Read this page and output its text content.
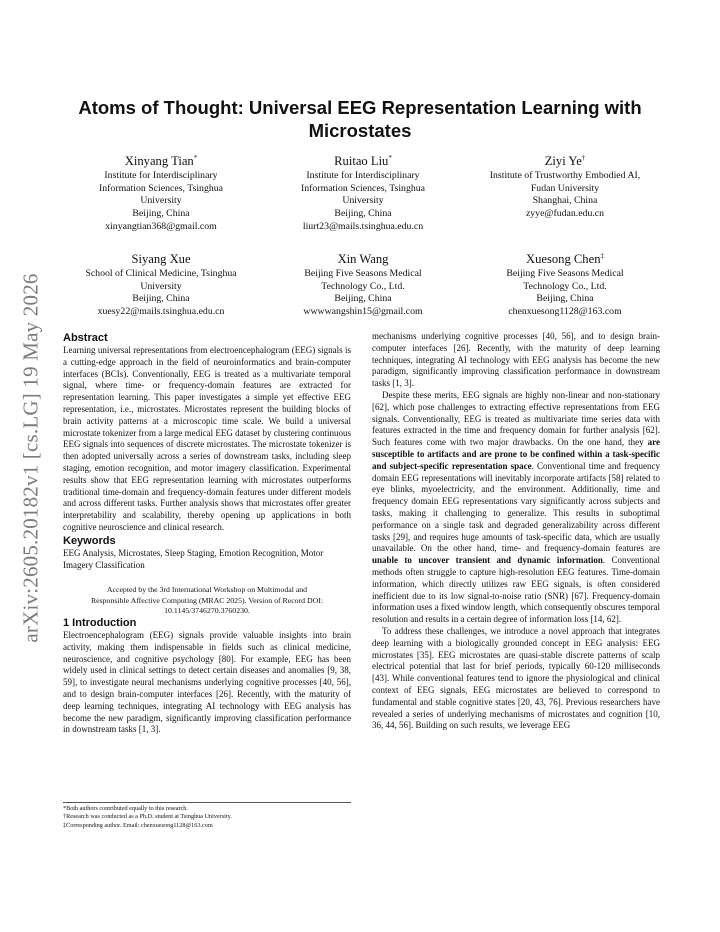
arXiv:2605.20182v1 [cs.LG] 19 May 2026
Atoms of Thought: Universal EEG Representation Learning with Microstates
Xinyang Tian*
Institute for Interdisciplinary
Information Sciences, Tsinghua
University
Beijing, China
xinyangtian368@gmail.com
Ruitao Liu*
Institute for Interdisciplinary
Information Sciences, Tsinghua
University
Beijing, China
liurt23@mails.tsinghua.edu.cn
Ziyi Ye†
Institute of Trustworthy Embodied AI,
Fudan University
Shanghai, China
zyye@fudan.edu.cn
Siyang Xue
School of Clinical Medicine, Tsinghua
University
Beijing, China
xuesy22@mails.tsinghua.edu.cn
Xin Wang
Beijing Five Seasons Medical
Technology Co., Ltd.
Beijing, China
wwwwangshin15@gmail.com
Xuesong Chen‡
Beijing Five Seasons Medical
Technology Co., Ltd.
Beijing, China
chenxuesong1128@163.com
Abstract

Learning universal representations from electroencephalogram (EEG) signals is a cutting-edge approach in the field of neuroinformatics and brain-computer interfaces (BCIs). Conventionally, EEG is treated as a multivariate temporal signal, where time- or frequency-domain features are extracted for representation learning. This paper investigates a simple yet effective EEG representation, i.e., microstates. Microstates represent the building blocks of brain activity patterns at a microscopic time scale. We build a universal microstate tokenizer from a large medical EEG dataset by clustering continuous EEG signals into sequences of discrete microstates. The microstate tokenizer is then adopted universally across a series of downstream tasks, including sleep staging, emotion recognition, and motor imagery classification. Experimental results show that EEG representation learning with microstates outperforms traditional time-domain and frequency-domain features under different models and across different tasks. Further analysis shows that microstates offer greater interpretability and scalability, thereby opening up applications in both cognitive neuroscience and clinical research.

Keywords

EEG Analysis, Microstates, Sleep Staging, Emotion Recognition, Motor Imagery Classification

Accepted by the 3rd International Workshop on Multimodal and
Responsible Affective Computing (MRAC 2025). Version of Record DOI:
10.1145/3746270.3760230.
1 Introduction

Electroencephalogram (EEG) signals provide valuable insights into brain activity, making them indispensable in fields such as clinical medicine, neuroscience, and cognitive psychology [80]. For example, EEG has been widely used in clinical settings to detect certain diseases and anomalies [9, 38, 59], to investigate neural mechanisms underlying cognitive processes [40, 56], and to design brain-computer interfaces [26]. Recently, with the maturity of deep learning techniques, integrating AI technology with EEG analysis has become the new paradigm, significantly improving classification performance in downstream tasks [1, 3].

*Both authors contributed equally to this research.

†Research was conducted as a Ph.D. student at Tsinghua University.

‡Corresponding author. Email: chenxuesong1128@163.com

mechanisms underlying cognitive processes [40, 56], and to design brain-computer interfaces [26]. Recently, with the maturity of deep learning techniques, integrating AI technology with EEG analysis has become the new paradigm, significantly improving classification performance in downstream tasks [1, 3].

Despite these merits, EEG signals are highly non-linear and non-stationary [62], which pose challenges to extracting effective representations from EEG signals. Conventionally, EEG is treated as multivariate time series data with features extracted in the time and frequency domain for further analysis [62]. Such features come with two major drawbacks. On the one hand, they are susceptible to artifacts and are prone to be confined within a task-specific and subject-specific representation space. Conventional time and frequency domain EEG representations will inevitably incorporate artifacts [58] related to eye blinks, myoelectricity, and the environment. Additionally, time and frequency domain EEG representations vary significantly across subjects and tasks, making it challenging to generalize. This results in suboptimal performance on a single task and degraded generalizability across different tasks [29], and requires huge amounts of task-specific data, which are usually unavailable. On the other hand, time- and frequency-domain features are unable to uncover transient and dynamic information. Conventional methods often struggle to capture high-resolution EEG features. Time-domain information, which directly utilizes raw EEG signals, is often considered inefficient due to its low signal-to-noise ratio (SNR) [67]. Frequency-domain information uses a fixed window length, which consequently obscures temporal resolution and results in a certain degree of information loss [14, 62].

To address these challenges, we introduce a novel approach that integrates deep learning with a biologically grounded concept in EEG analysis: EEG microstates [35]. EEG microstates are quasi-stable discrete patterns of scalp electrical potential that last for brief periods, typically 60-120 milliseconds [43]. While conventional features tend to ignore the physiological and clinical context of EEG signals, EEG microstates are believed to correspond to fundamental and stable cognitive states [20, 43, 76]. Previous researchers have revealed a series of underlying mechanisms of microstates and cognition [10, 36, 44, 56]. Building on such results, we leverage EEG
